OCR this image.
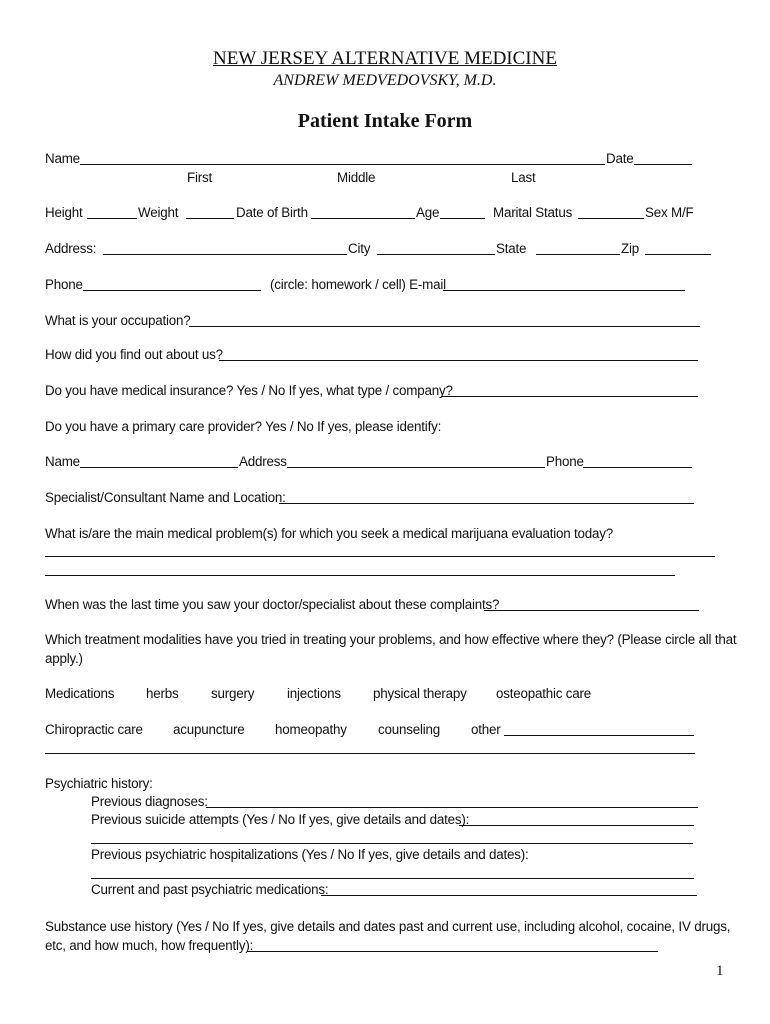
NEW JERSEY ALTERNATIVE MEDICINE
ANDREW MEDVEDOVSKY, M.D.
Patient Intake Form
Name	Date
First	Middle	Last
Height	Weight	Date of Birth	Age	Marital Status	Sex M/F
Address:	City	State	Zip
Phone	(circle: homework / cell) E-mail
What is your occupation?
How did you find out about us?
Do you have medical insurance? Yes / No If yes, what type / company?
Do you have a primary care provider? Yes / No If yes, please identify:
Name	Address	Phone
Specialist/Consultant Name and Location:
What is/are the main medical problem(s) for which you seek a medical marijuana evaluation today?
When was the last time you saw your doctor/specialist about these complaints?
Which treatment modalities have you tried in treating your problems, and how effective where they? (Please circle all that
apply.)
Medications herbs surgery injections physical therapy osteopathic care
Chiropractic care acupuncture homeopathy counseling other
Psychiatric history:
Previous diagnoses:
Previous suicide attempts (Yes / No If yes, give details and dates):
Previous psychiatric hospitalizations (Yes / No If yes, give details and dates):
Current and past psychiatric medications:
Substance use history (Yes / No If yes, give details and dates past and current use, including alcohol, cocaine, IV drugs,
etc, and how much, how frequently):
1
